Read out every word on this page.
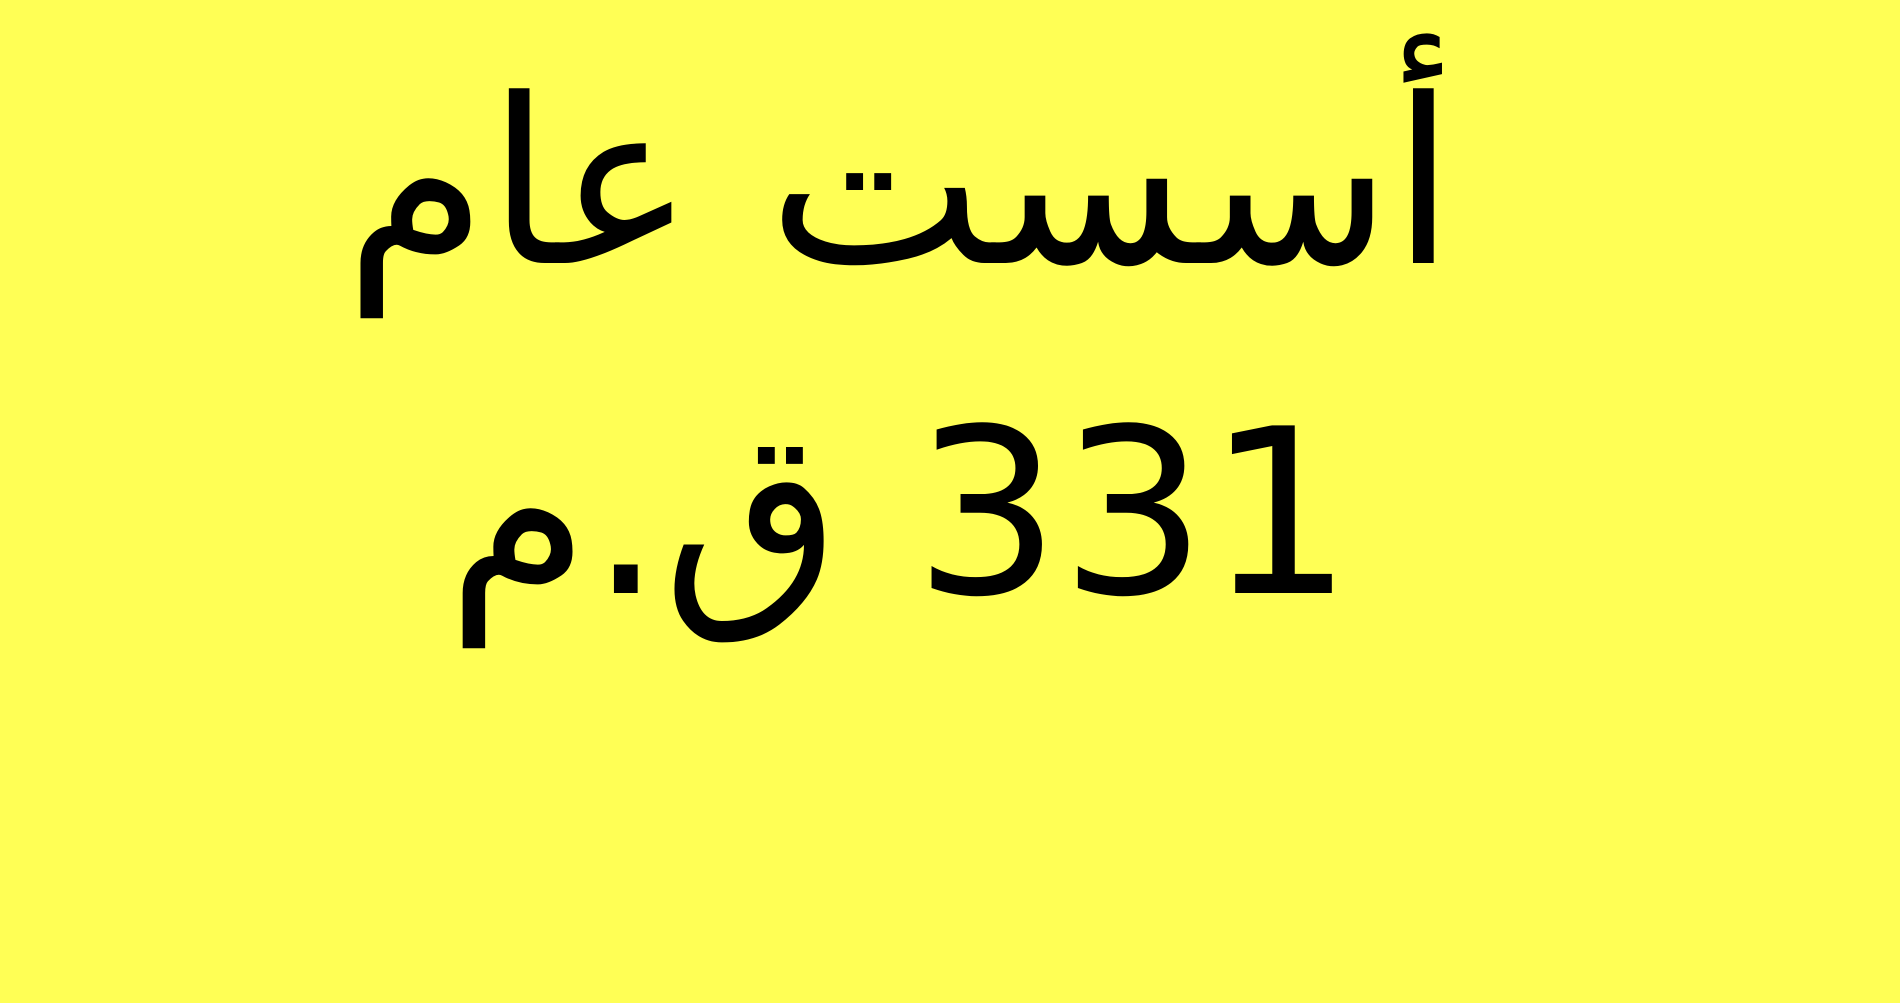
أسست عام
331 ق.م
